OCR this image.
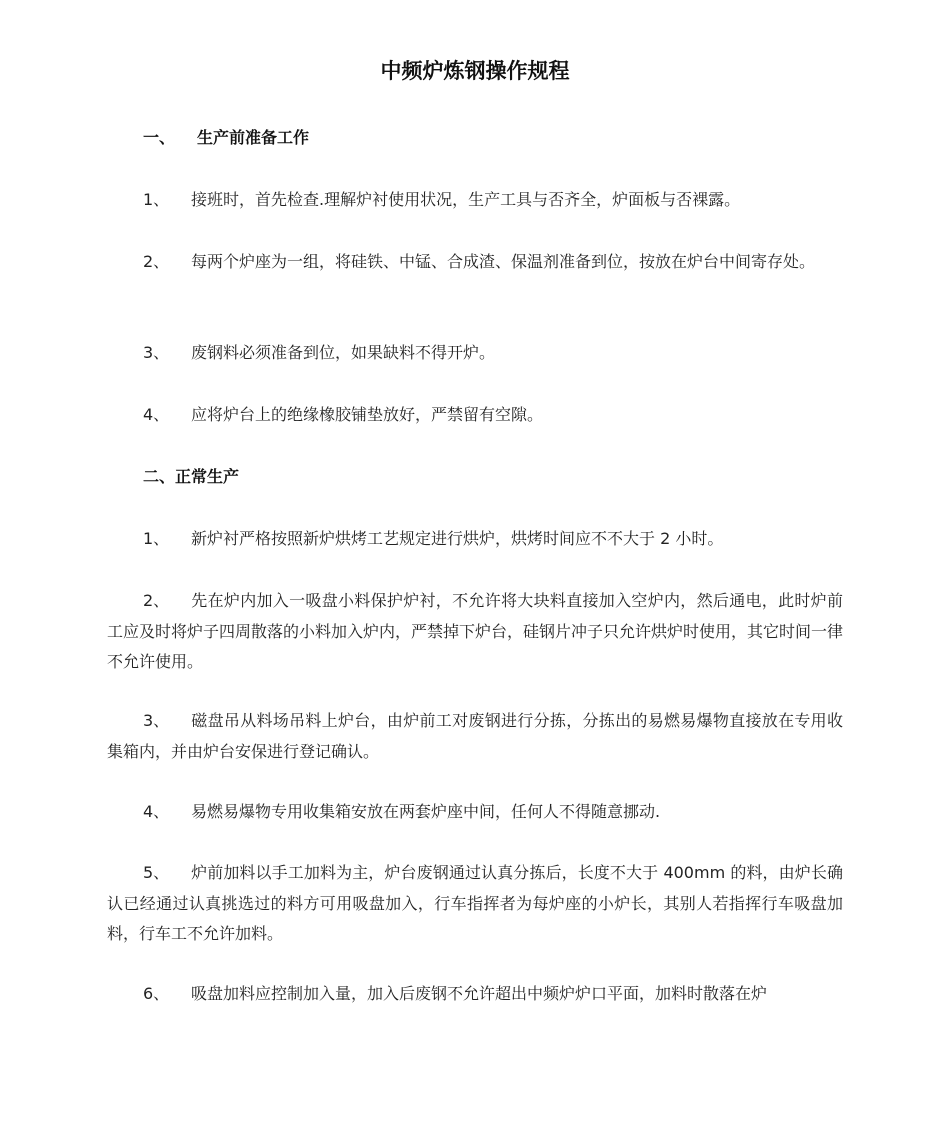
中频炉炼钢操作规程
一、 生产前准备工作

1、 接班时，首先检查.理解炉衬使用状况，生产工具与否齐全，炉面板与否裸露。

2、 每两个炉座为一组，将硅铁、中锰、合成渣、保温剂准备到位，按放在炉台中间寄存处。

3、 废钢料必须准备到位，如果缺料不得开炉。

4、 应将炉台上的绝缘橡胶铺垫放好，严禁留有空隙。

二、正常生产

1、 新炉衬严格按照新炉烘烤工艺规定进行烘炉，烘烤时间应不不大于 2 小时。

2、 先在炉内加入一吸盘小料保护炉衬，不允许将大块料直接加入空炉内，然后通电，此时炉前工应及时将炉子四周散落的小料加入炉内，严禁掉下炉台，硅钢片冲子只允许烘炉时使用，其它时间一律不允许使用。

3、 磁盘吊从料场吊料上炉台，由炉前工对废钢进行分拣，分拣出的易燃易爆物直接放在专用收集箱内，并由炉台安保进行登记确认。

4、 易燃易爆物专用收集箱安放在两套炉座中间，任何人不得随意挪动.

5、 炉前加料以手工加料为主，炉台废钢通过认真分拣后，长度不大于 400mm 的料，由炉长确认已经通过认真挑选过的料方可用吸盘加入，行车指挥者为每炉座的小炉长，其别人若指挥行车吸盘加料，行车工不允许加料。

6、 吸盘加料应控制加入量，加入后废钢不允许超出中频炉炉口平面，加料时散落在炉
